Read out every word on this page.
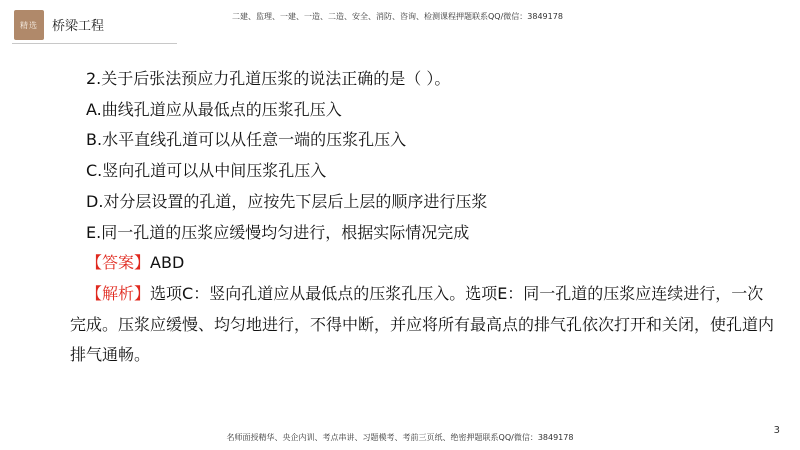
精选 桥梁工程
二建、监理、一建、一造、二造、安全、消防、咨询、检测课程押题联系QQ/微信：3849178
2.关于后张法预应力孔道压浆的说法正确的是（ ）。
A.曲线孔道应从最低点的压浆孔压入
B.水平直线孔道可以从任意一端的压浆孔压入
C.竖向孔道可以从中间压浆孔压入
D.对分层设置的孔道，应按先下层后上层的顺序进行压浆
E.同一孔道的压浆应缓慢均匀进行，根据实际情况完成
【答案】ABD
【解析】选项C：竖向孔道应从最低点的压浆孔压入。选项E：同一孔道的压浆应连续进行，一次完成。压浆应缓慢、均匀地进行，不得中断，并应将所有最高点的排气孔依次打开和关闭，使孔道内排气通畅。
名师面授精华、央企内训、考点串讲、习题模考、考前三页纸、绝密押题联系QQ/微信：3849178
3
